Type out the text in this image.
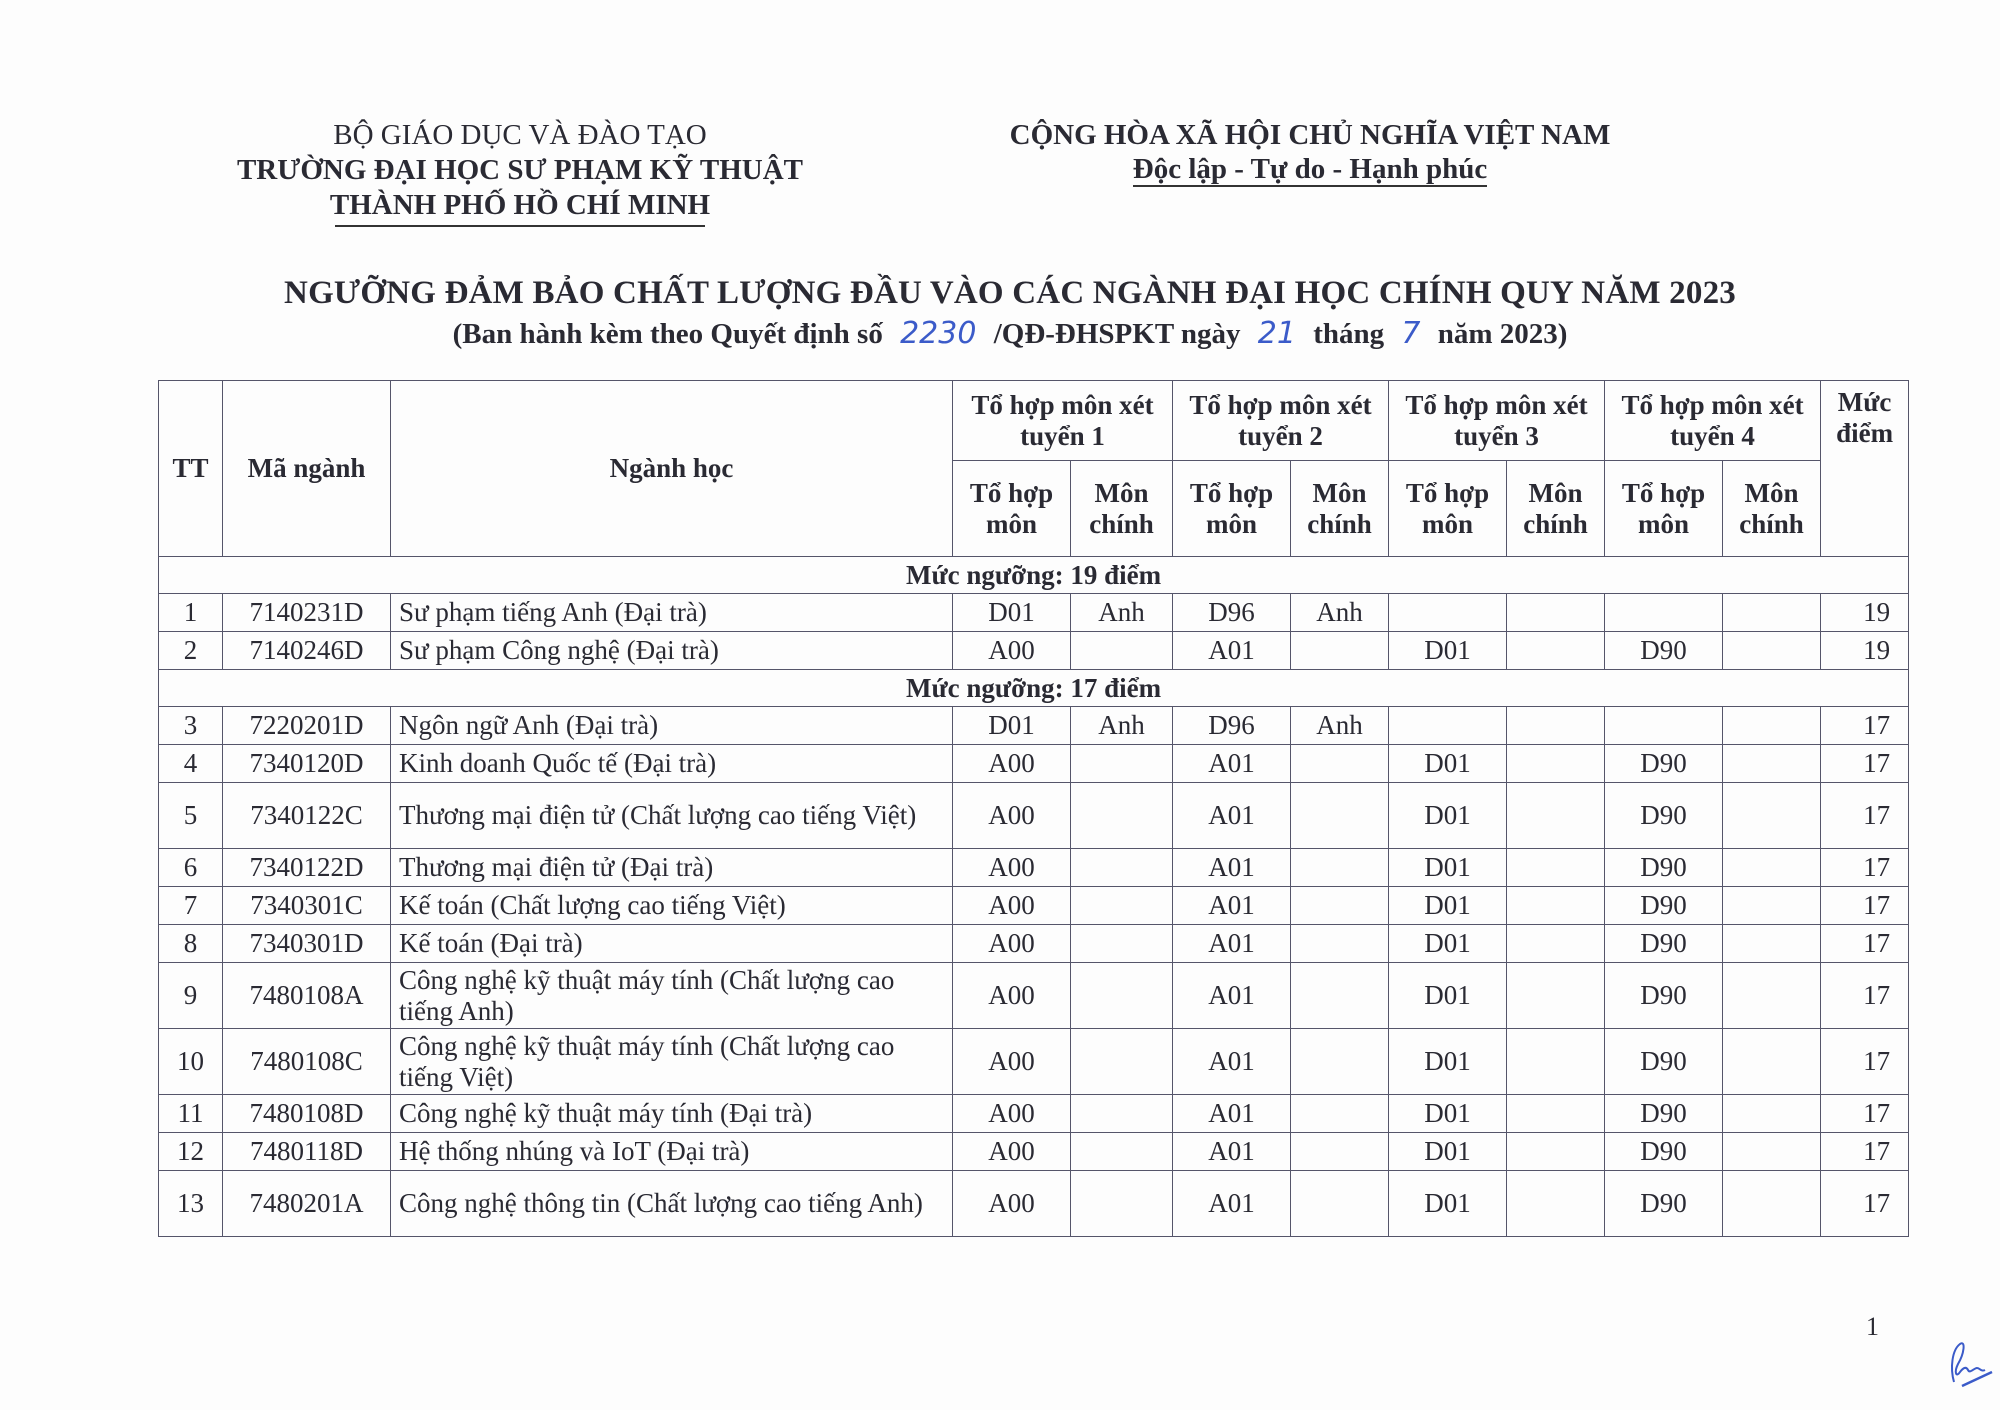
BỘ GIÁO DỤC VÀ ĐÀO TẠO
TRƯỜNG ĐẠI HỌC SƯ PHẠM KỸ THUẬT
THÀNH PHỐ HỒ CHÍ MINH
CỘNG HÒA XÃ HỘI CHỦ NGHĨA VIỆT NAM
Độc lập - Tự do - Hạnh phúc
NGƯỠNG ĐẢM BẢO CHẤT LƯỢNG ĐẦU VÀO CÁC NGÀNH ĐẠI HỌC CHÍNH QUY NĂM 2023
(Ban hành kèm theo Quyết định số 2230 /QĐ-ĐHSPKT ngày 21 tháng 7 năm 2023)
TT	Mã ngành	Ngành học	Tổ hợp môn xét tuyển 1		Tổ hợp môn xét tuyển 2		Tổ hợp môn xét tuyển 3		Tổ hợp môn xét tuyển 4		Mức điểm
			Tổ hợp môn	Môn chính	Tổ hợp môn	Môn chính	Tổ hợp môn	Môn chính	Tổ hợp môn	Môn chính	
Mức ngưỡng: 19 điểm											
1	7140231D	Sư phạm tiếng Anh (Đại trà)	D01	Anh	D96	Anh					19
2	7140246D	Sư phạm Công nghệ (Đại trà)	A00		A01		D01		D90		19
Mức ngưỡng: 17 điểm											
3	7220201D	Ngôn ngữ Anh (Đại trà)	D01	Anh	D96	Anh					17
4	7340120D	Kinh doanh Quốc tế (Đại trà)	A00		A01		D01		D90		17
5	7340122C	Thương mại điện tử (Chất lượng cao tiếng Việt)	A00		A01		D01		D90		17
6	7340122D	Thương mại điện tử (Đại trà)	A00		A01		D01		D90		17
7	7340301C	Kế toán (Chất lượng cao tiếng Việt)	A00		A01		D01		D90		17
8	7340301D	Kế toán (Đại trà)	A00		A01		D01		D90		17
9	7480108A	Công nghệ kỹ thuật máy tính (Chất lượng cao tiếng Anh)	A00		A01		D01		D90		17
10	7480108C	Công nghệ kỹ thuật máy tính (Chất lượng cao tiếng Việt)	A00		A01		D01		D90		17
11	7480108D	Công nghệ kỹ thuật máy tính (Đại trà)	A00		A01		D01		D90		17
12	7480118D	Hệ thống nhúng và IoT (Đại trà)	A00		A01		D01		D90		17
13	7480201A	Công nghệ thông tin (Chất lượng cao tiếng Anh)	A00		A01		D01		D90		17
1
